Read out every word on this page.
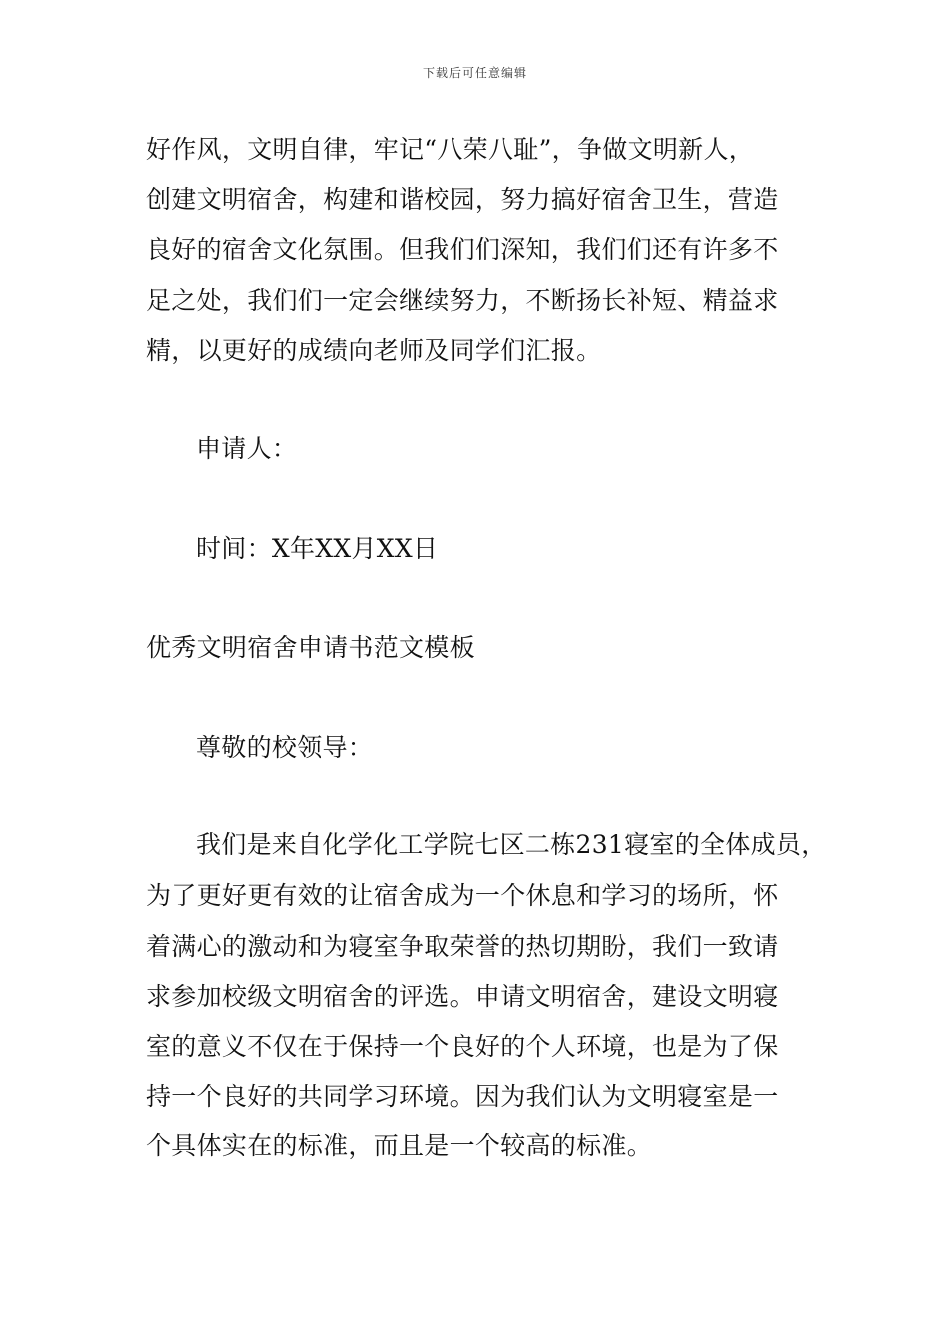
下载后可任意编辑
好作风，文明自律，牢记“八荣八耻”，争做文明新人，
创建文明宿舍，构建和谐校园，努力搞好宿舍卫生，营造
良好的宿舍文化氛围。但我们们深知，我们们还有许多不
足之处，我们们一定会继续努力，不断扬长补短、精益求
精，以更好的成绩向老师及同学们汇报。
申请人：
时间：X年XX月XX日
优秀文明宿舍申请书范文模板
尊敬的校领导：
我们是来自化学化工学院七区二栋231寝室的全体成员，
为了更好更有效的让宿舍成为一个休息和学习的场所，怀
着满心的激动和为寝室争取荣誉的热切期盼，我们一致请
求参加校级文明宿舍的评选。申请文明宿舍，建设文明寝
室的意义不仅在于保持一个良好的个人环境，也是为了保
持一个良好的共同学习环境。因为我们认为文明寝室是一
个具体实在的标准，而且是一个较高的标准。
